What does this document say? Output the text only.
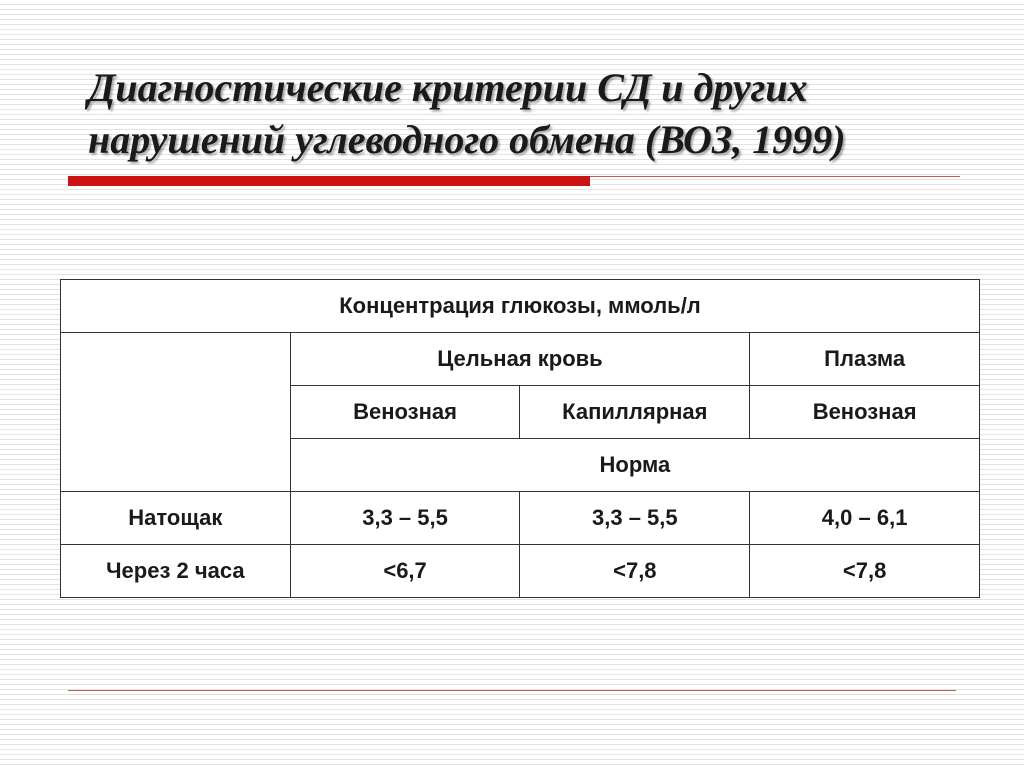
Диагностические критерии СД и других
нарушений углеводного обмена (ВОЗ, 1999)
Концентрация глюкозы, ммоль/л			
	Цельная кровь		Плазма
	Венозная	Капиллярная	Венозная
	Норма		
Натощак	3,3 – 5,5	3,3 – 5,5	4,0 – 6,1
Через 2 часа	<6,7	<7,8	<7,8
